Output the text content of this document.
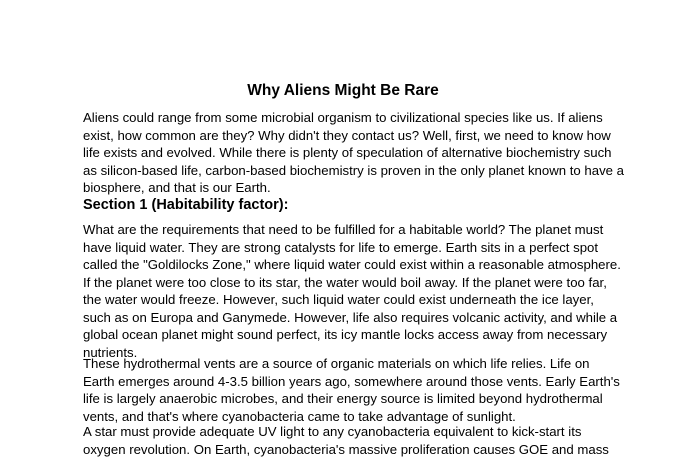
Why Aliens Might Be Rare

Aliens could range from some microbial organism to civilizational species like us. If aliens
exist, how common are they? Why didn't they contact us? Well, first, we need to know how
life exists and evolved. While there is plenty of speculation of alternative biochemistry such
as silicon-based life, carbon-based biochemistry is proven in the only planet known to have a
biosphere, and that is our Earth.

Section 1 (Habitability factor):

What are the requirements that need to be fulfilled for a habitable world? The planet must
have liquid water. They are strong catalysts for life to emerge. Earth sits in a perfect spot
called the "Goldilocks Zone," where liquid water could exist within a reasonable atmosphere.
If the planet were too close to its star, the water would boil away. If the planet were too far,
the water would freeze. However, such liquid water could exist underneath the ice layer,
such as on Europa and Ganymede. However, life also requires volcanic activity, and while a
global ocean planet might sound perfect, its icy mantle locks access away from necessary
nutrients.

These hydrothermal vents are a source of organic materials on which life relies. Life on
Earth emerges around 4-3.5 billion years ago, somewhere around those vents. Early Earth's
life is largely anaerobic microbes, and their energy source is limited beyond hydrothermal
vents, and that's where cyanobacteria came to take advantage of sunlight.

A star must provide adequate UV light to any cyanobacteria equivalent to kick-start its
oxygen revolution. On Earth, cyanobacteria's massive proliferation causes GOE and mass
